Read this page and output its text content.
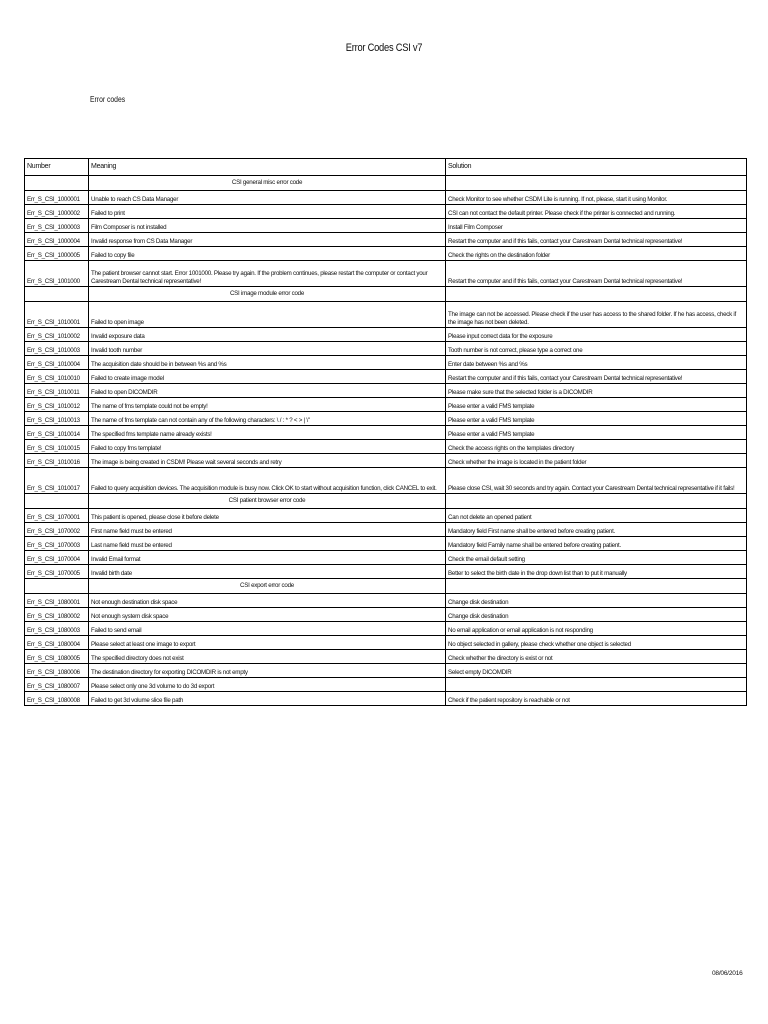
Error Codes CSI v7
Error codes
Number	Meaning	Solution
	CSI general misc error code	
Err_S_CSI_1000001	Unable to reach CS Data Manager	Check Monitor to see whether CSDM Lite is running. If not, please, start it using Monitor.
Err_S_CSI_1000002	Failed to print	CSI can not contact the default printer. Please check if the printer is connected and running.
Err_S_CSI_1000003	Film Composer is not installed	Install Film Composer
Err_S_CSI_1000004	Invalid response from CS Data Manager	Restart the computer and if this fails, contact your Carestream Dental technical representative!
Err_S_CSI_1000005	Failed to copy file	Check the rights on the destination folder
Err_S_CSI_1001000	The patient browser cannot start. Error 1001000. Please try again. If the problem continues, please restart the computer or contact your Carestream Dental technical representative!	Restart the computer and if this fails, contact your Carestream Dental technical representative!
	CSI image module error code	
Err_S_CSI_1010001	Failed to open image	The image can not be accessed. Please check if the user has access to the shared folder. If he has access, check if the image has not been deleted.
Err_S_CSI_1010002	Invalid exposure data	Please input correct data for the exposure
Err_S_CSI_1010003	Invalid tooth number	Tooth number is not correct, please type a correct one
Err_S_CSI_1010004	The acquisition date should be in between %s and %s	Enter date between %s and %s
Err_S_CSI_1010010	Failed to create image model	Restart the computer and if this fails, contact your Carestream Dental technical representative!
Err_S_CSI_1010011	Failed to open DICOMDIR	Please make sure that the selected folder is a DICOMDIR
Err_S_CSI_1010012	The name of fms template could not be empty!	Please enter a valid FMS template
Err_S_CSI_1010013	The name of fms template can not contain any of the following characters: \ / : * ? < > | \"	Please enter a valid FMS template
Err_S_CSI_1010014	The specified fms template name already exists!	Please enter a valid FMS template
Err_S_CSI_1010015	Failed to copy fms template!	Check the access rights on the templates directory
Err_S_CSI_1010016	The image is being created in CSDM! Please wait several seconds and retry	Check whether the image is located in the patient folder
Err_S_CSI_1010017	Failed to query acquisition devices. The acquisition module is busy now. Click OK to start without acquisition function, click CANCEL to exit.	Please close CSI, wait 30 seconds and try again. Contact your Carestream Dental technical representative if it fails!
	CSI patient browser error code	
Err_S_CSI_1070001	This patient is opened, please close it before delete	Can not delete an opened patient
Err_S_CSI_1070002	First name field must be entered	Mandatory field First name shall be entered before creating patient.
Err_S_CSI_1070003	Last name field must be entered	Mandatory field Family name shall be entered before creating patient.
Err_S_CSI_1070004	Invalid Email format	Check the email default setting
Err_S_CSI_1070005	Invalid birth date	Better to select the birth date in the drop down list than to put it manually
	CSI export error code	
Err_S_CSI_1080001	Not enough destination disk space	Change disk destination
Err_S_CSI_1080002	Not enough system disk space	Change disk destination
Err_S_CSI_1080003	Failed to send email	No email application or email application is not responding
Err_S_CSI_1080004	Please select at least one image to export	No object selected in gallery, please check whether one object is selected
Err_S_CSI_1080005	The specified directory does not exist	Check whether the directory is exist or not
Err_S_CSI_1080006	The destination directory for exporting DICOMDIR is not empty	Select empty DICOMDIR
Err_S_CSI_1080007	Please select only one 3d volume to do 3d export	
Err_S_CSI_1080008	Failed to get 3d volume slice file path	Check if the patient repository is reachable or not
08/06/2016
